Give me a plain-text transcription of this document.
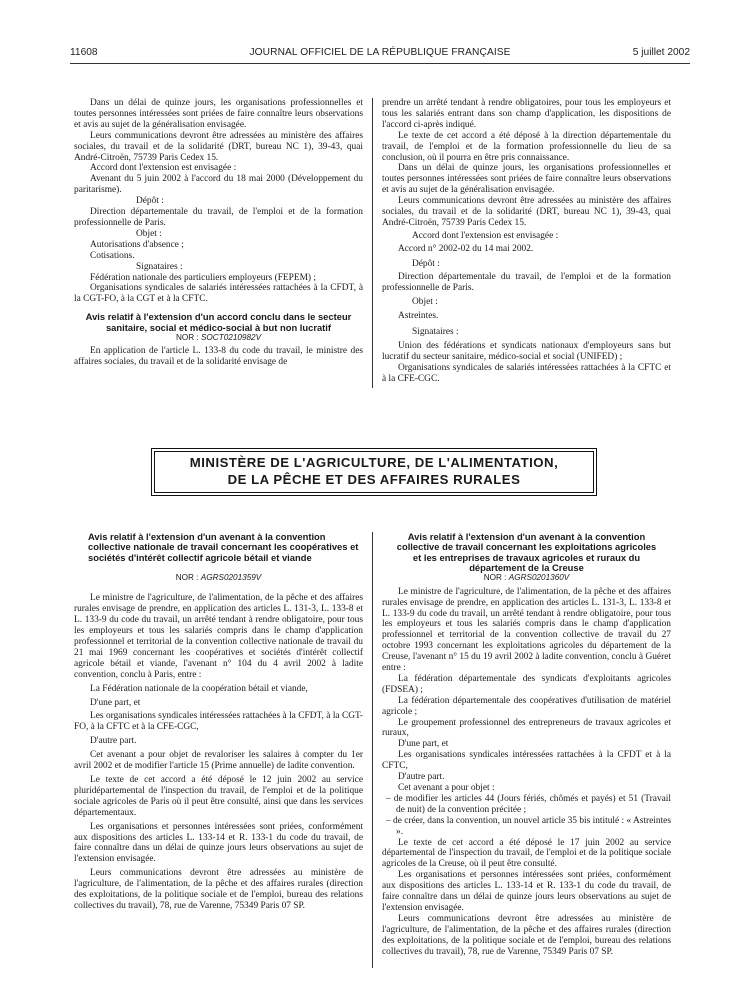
11608	JOURNAL OFFICIEL DE LA RÉPUBLIQUE FRANÇAISE	5 juillet 2002

Dans un délai de quinze jours, les organisations professionnelles et toutes personnes intéressées sont priées de faire connaître leurs observations et avis au sujet de la généralisation envisagée.

Leurs communications devront être adressées au ministère des affaires sociales, du travail et de la solidarité (DRT, bureau NC 1), 39-43, quai André-Citroën, 75739 Paris Cedex 15.

Accord dont l'extension est envisagée :

Avenant du 5 juin 2002 à l'accord du 18 mai 2000 (Développement du paritarisme).

Dépôt :

Direction départementale du travail, de l'emploi et de la formation professionnelle de Paris.

Objet :

Autorisations d'absence ;

Cotisations.

Signataires :

Fédération nationale des particuliers employeurs (FEPEM) ;

Organisations syndicales de salariés intéressées rattachées à la CFDT, à la CGT-FO, à la CGT et à la CFTC.

Avis relatif à l'extension d'un accord conclu dans le secteur sanitaire, social et médico-social à but non lucratif

NOR : SOCT0210982V

En application de l'article L. 133-8 du code du travail, le ministre des affaires sociales, du travail et de la solidarité envisage de

prendre un arrêté tendant à rendre obligatoires, pour tous les employeurs et tous les salariés entrant dans son champ d'application, les dispositions de l'accord ci-après indiqué.

Le texte de cet accord a été déposé à la direction départementale du travail, de l'emploi et de la formation professionnelle du lieu de sa conclusion, où il pourra en être pris connaissance.

Dans un délai de quinze jours, les organisations professionnelles et toutes personnes intéressées sont priées de faire connaître leurs observations et avis au sujet de la généralisation envisagée.

Leurs communications devront être adressées au ministère des affaires sociales, du travail et de la solidarité (DRT, bureau NC 1), 39-43, quai André-Citroën, 75739 Paris Cedex 15.

Accord dont l'extension est envisagée :

Accord n° 2002-02 du 14 mai 2002.

Dépôt :

Direction départementale du travail, de l'emploi et de la formation professionnelle de Paris.

Objet :

Astreintes.

Signataires :

Union des fédérations et syndicats nationaux d'employeurs sans but lucratif du secteur sanitaire, médico-social et social (UNIFED) ;

Organisations syndicales de salariés intéressées rattachées à la CFTC et à la CFE-CGC.

MINISTÈRE DE L'AGRICULTURE, DE L'ALIMENTATION,
DE LA PÊCHE ET DES AFFAIRES RURALES

Avis relatif à l'extension d'un avenant à la convention collective nationale de travail concernant les coopératives et sociétés d'intérêt collectif agricole bétail et viande

NOR : AGRS0201359V

Le ministre de l'agriculture, de l'alimentation, de la pêche et des affaires rurales envisage de prendre, en application des articles L. 131-3, L. 133-8 et L. 133-9 du code du travail, un arrêté tendant à rendre obligatoire, pour tous les employeurs et tous les salariés compris dans le champ d'application professionnel et territorial de la convention collective nationale de travail du 21 mai 1969 concernant les coopératives et sociétés d'intérêt collectif agricole bétail et viande, l'avenant n° 104 du 4 avril 2002 à ladite convention, conclu à Paris, entre :

La Fédération nationale de la coopération bétail et viande,

D'une part, et

Les organisations syndicales intéressées rattachées à la CFDT, à la CGT-FO, à la CFTC et à la CFE-CGC,

D'autre part.

Cet avenant a pour objet de revaloriser les salaires à compter du 1er avril 2002 et de modifier l'article 15 (Prime annuelle) de ladite convention.

Le texte de cet accord a été déposé le 12 juin 2002 au service pluridépartemental de l'inspection du travail, de l'emploi et de la politique sociale agricoles de Paris où il peut être consulté, ainsi que dans les services départementaux.

Les organisations et personnes intéressées sont priées, conformément aux dispositions des articles L. 133-14 et R. 133-1 du code du travail, de faire connaître dans un délai de quinze jours leurs observations au sujet de l'extension envisagée.

Leurs communications devront être adressées au ministère de l'agriculture, de l'alimentation, de la pêche et des affaires rurales (direction des exploitations, de la politique sociale et de l'emploi, bureau des relations collectives du travail), 78, rue de Varenne, 75349 Paris 07 SP.

Avis relatif à l'extension d'un avenant à la convention collective de travail concernant les exploitations agricoles et les entreprises de travaux agricoles et ruraux du département de la Creuse

NOR : AGRS0201360V

Le ministre de l'agriculture, de l'alimentation, de la pêche et des affaires rurales envisage de prendre, en application des articles L. 131-3, L. 133-8 et L. 133-9 du code du travail, un arrêté tendant à rendre obligatoire, pour tous les employeurs et tous les salariés compris dans le champ d'application professionnel et territorial de la convention collective de travail du 27 octobre 1993 concernant les exploitations agricoles du département de la Creuse, l'avenant n° 15 du 19 avril 2002 à ladite convention, conclu à Guéret entre :

La fédération départementale des syndicats d'exploitants agricoles (FDSEA) ;

La fédération départementale des coopératives d'utilisation de matériel agricole ;

Le groupement professionnel des entrepreneurs de travaux agricoles et ruraux,

D'une part, et

Les organisations syndicales intéressées rattachées à la CFDT et à la CFTC,

D'autre part.

Cet avenant a pour objet :

– de modifier les articles 44 (Jours fériés, chômés et payés) et 51 (Travail de nuit) de la convention précitée ;

– de créer, dans la convention, un nouvel article 35 bis intitulé : « Astreintes ».

Le texte de cet accord a été déposé le 17 juin 2002 au service départemental de l'inspection du travail, de l'emploi et de la politique sociale agricoles de la Creuse, où il peut être consulté.

Les organisations et personnes intéressées sont priées, conformément aux dispositions des articles L. 133-14 et R. 133-1 du code du travail, de faire connaître dans un délai de quinze jours leurs observations au sujet de l'extension envisagée.

Leurs communications devront être adressées au ministère de l'agriculture, de l'alimentation, de la pêche et des affaires rurales (direction des exploitations, de la politique sociale et de l'emploi, bureau des relations collectives du travail), 78, rue de Varenne, 75349 Paris 07 SP.
